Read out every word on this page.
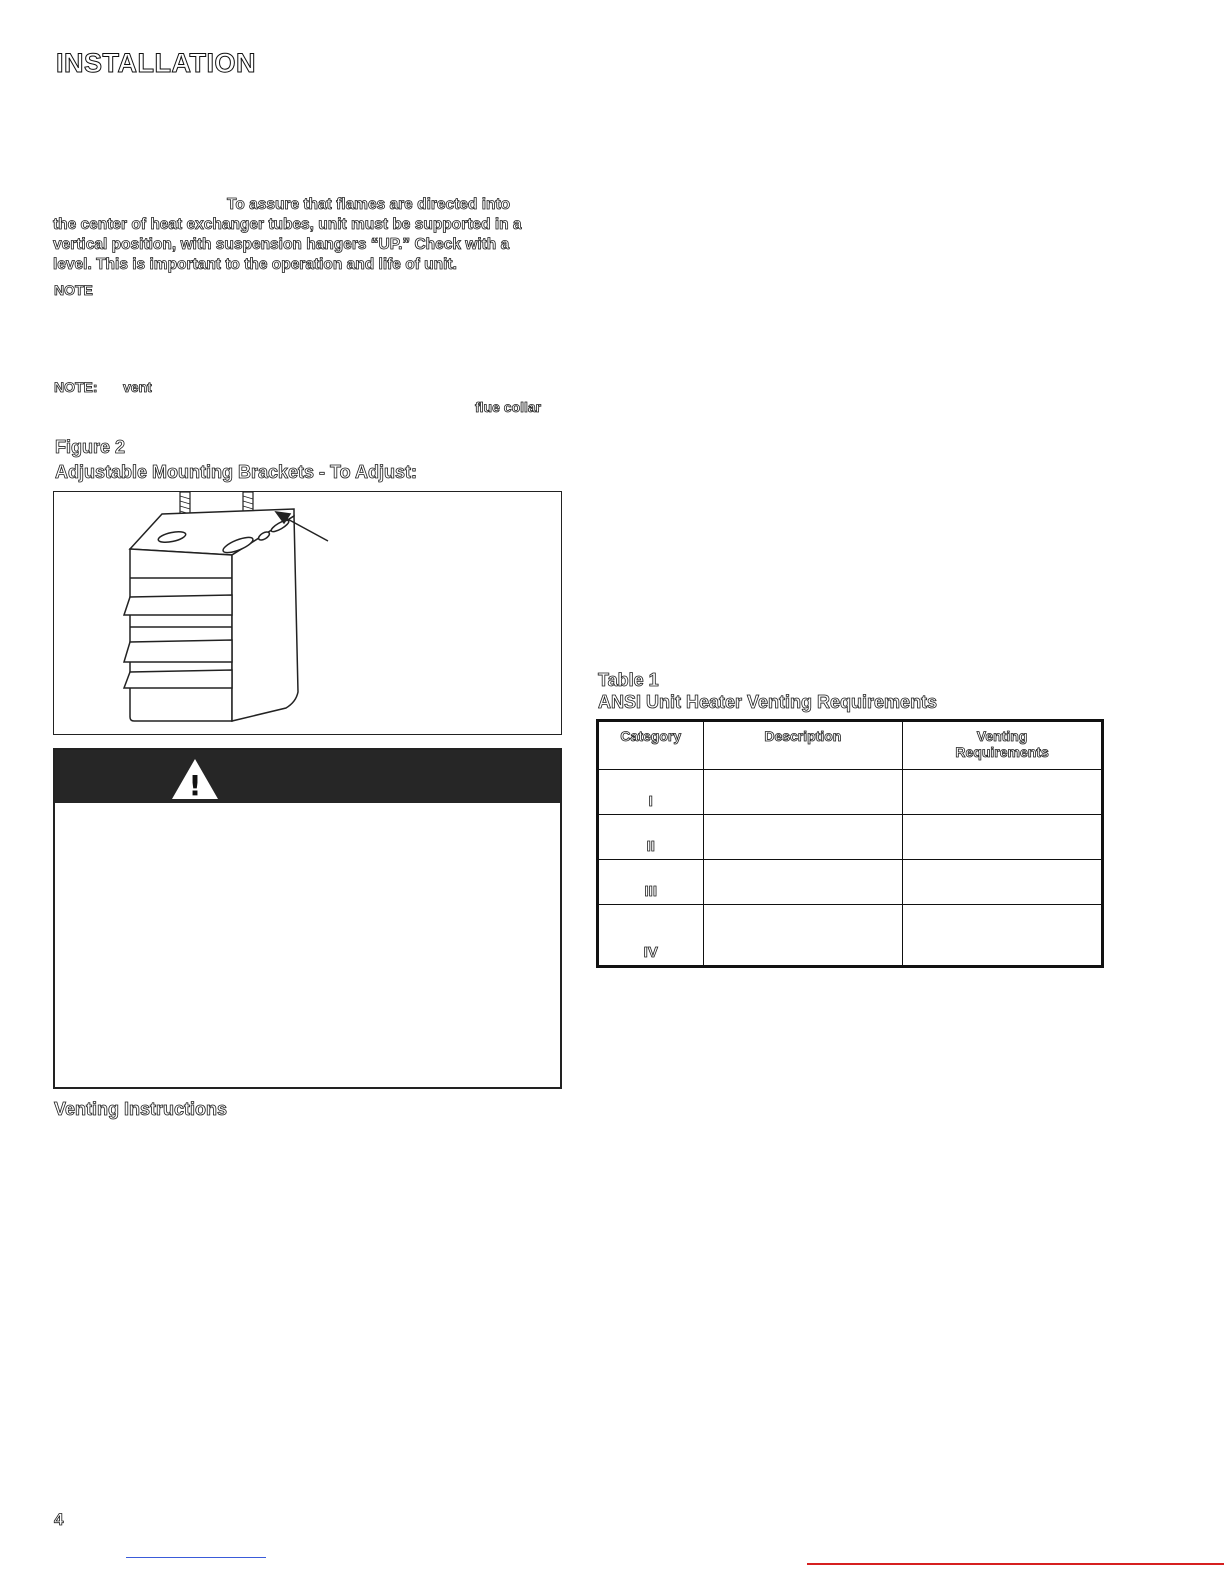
INSTALLATION
To assure that flames are directed into
the center of heat exchanger tubes, unit must be supported in a
vertical position, with suspension hangers “UP.” Check with a
level. This is important to the operation and life of unit.
NOTE
NOTE: vent
flue collar
Figure 2
Adjustable Mounting Brackets - To Adjust:
!
Venting Instructions
Table 1
ANSI Unit Heater Venting Requirements
Category	Description	Venting
Requirements
I		
II		
III		
IV		
4
